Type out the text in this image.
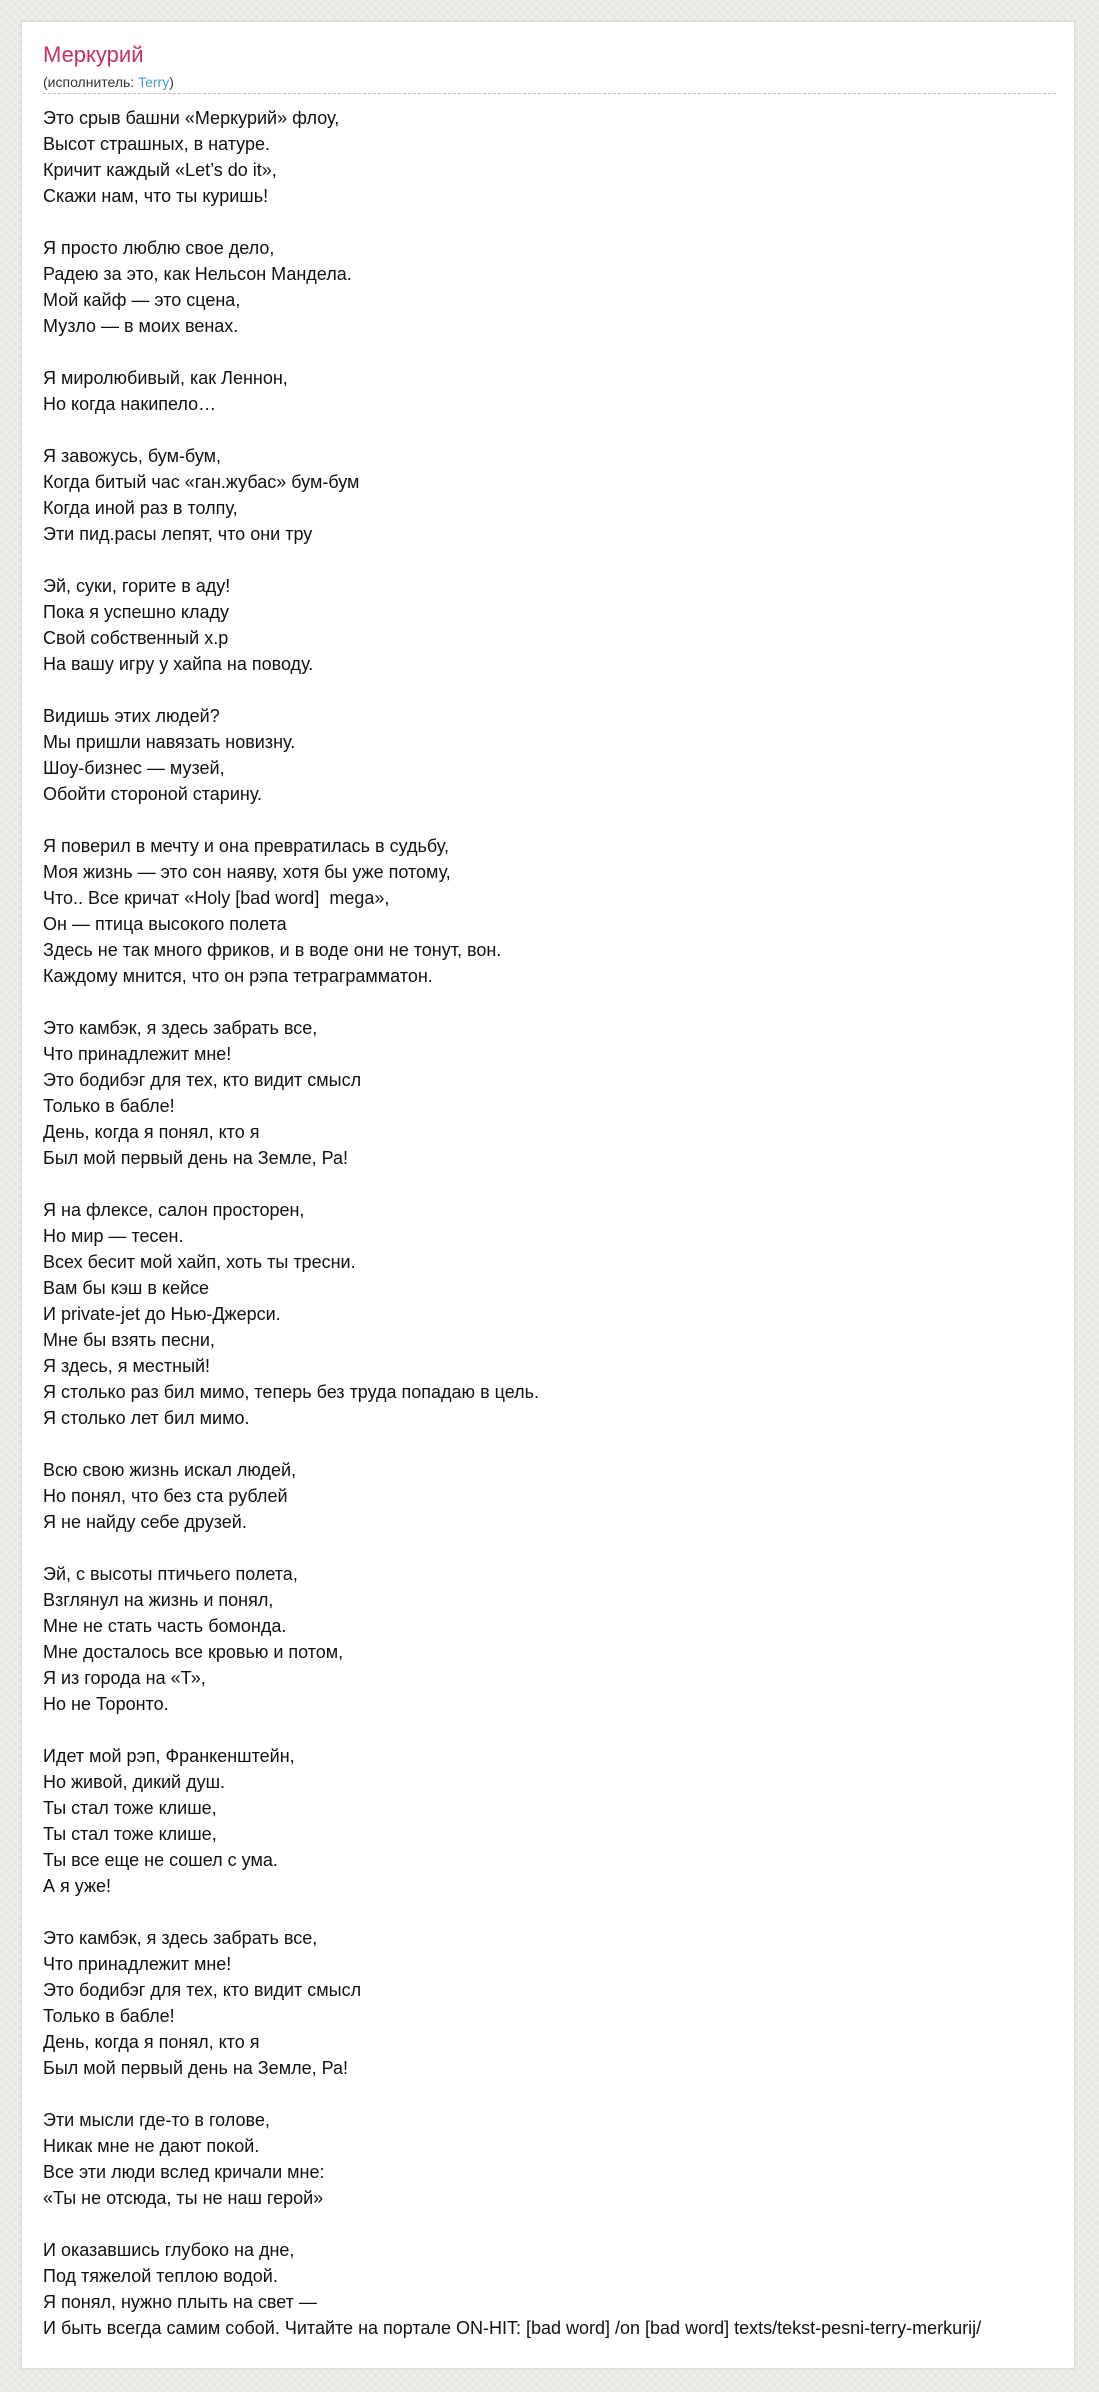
Меркурий
(исполнитель: Terry)
Это срыв башни «Меркурий» флоу,
Высот страшных, в натуре.
Кричит каждый «Let’s do it»,
Скажи нам, что ты куришь!
Я просто люблю свое дело,
Радею за это, как Нельсон Мандела.
Мой кайф — это сцена,
Музло — в моих венах.
Я миролюбивый, как Леннон,
Но когда накипело…
Я завожусь, бум-бум,
Когда битый час «ган.жубас» бум-бум
Когда иной раз в толпу,
Эти пид.расы лепят, что они тру
Эй, суки, горите в аду!
Пока я успешно кладу
Свой собственный х.р
На вашу игру у хайпа на поводу.
Видишь этих людей?
Мы пришли навязать новизну.
Шоу-бизнес — музей,
Обойти стороной старину.
Я поверил в мечту и она превратилась в судьбу,
Моя жизнь — это сон наяву, хотя бы уже потому,
Что.. Все кричат «Holy [bad word]  mega»,
Он — птица высокого полета
Здесь не так много фриков, и в воде они не тонут, вон.
Каждому мнится, что он рэпа тетраграмматон.
Это камбэк, я здесь забрать все,
Что принадлежит мне!
Это бодибэг для тех, кто видит смысл
Только в бабле!
День, когда я понял, кто я
Был мой первый день на Земле, Ра!
Я на флексе, салон просторен,
Но мир — тесен.
Всех бесит мой хайп, хоть ты тресни.
Вам бы кэш в кейсе
И private-jet до Нью-Джерси.
Мне бы взять песни,
Я здесь, я местный!
Я столько раз бил мимо, теперь без труда попадаю в цель.
Я столько лет бил мимо.
Всю свою жизнь искал людей,
Но понял, что без ста рублей
Я не найду себе друзей.
Эй, с высоты птичьего полета,
Взглянул на жизнь и понял,
Мне не стать часть бомонда.
Мне досталось все кровью и потом,
Я из города на «Т»,
Но не Торонто.
Идет мой рэп, Франкенштейн,
Но живой, дикий душ.
Ты стал тоже клише,
Ты стал тоже клише,
Ты все еще не сошел с ума.
А я уже!
Это камбэк, я здесь забрать все,
Что принадлежит мне!
Это бодибэг для тех, кто видит смысл
Только в бабле!
День, когда я понял, кто я
Был мой первый день на Земле, Ра!
Эти мысли где-то в голове,
Никак мне не дают покой.
Все эти люди вслед кричали мне:
«Ты не отсюда, ты не наш герой»
И оказавшись глубоко на дне,
Под тяжелой теплою водой.
Я понял, нужно плыть на свет —
И быть всегда самим собой. Читайте на портале ON-HIT: [bad word] /on [bad word] texts/tekst-pesni-terry-merkurij/
